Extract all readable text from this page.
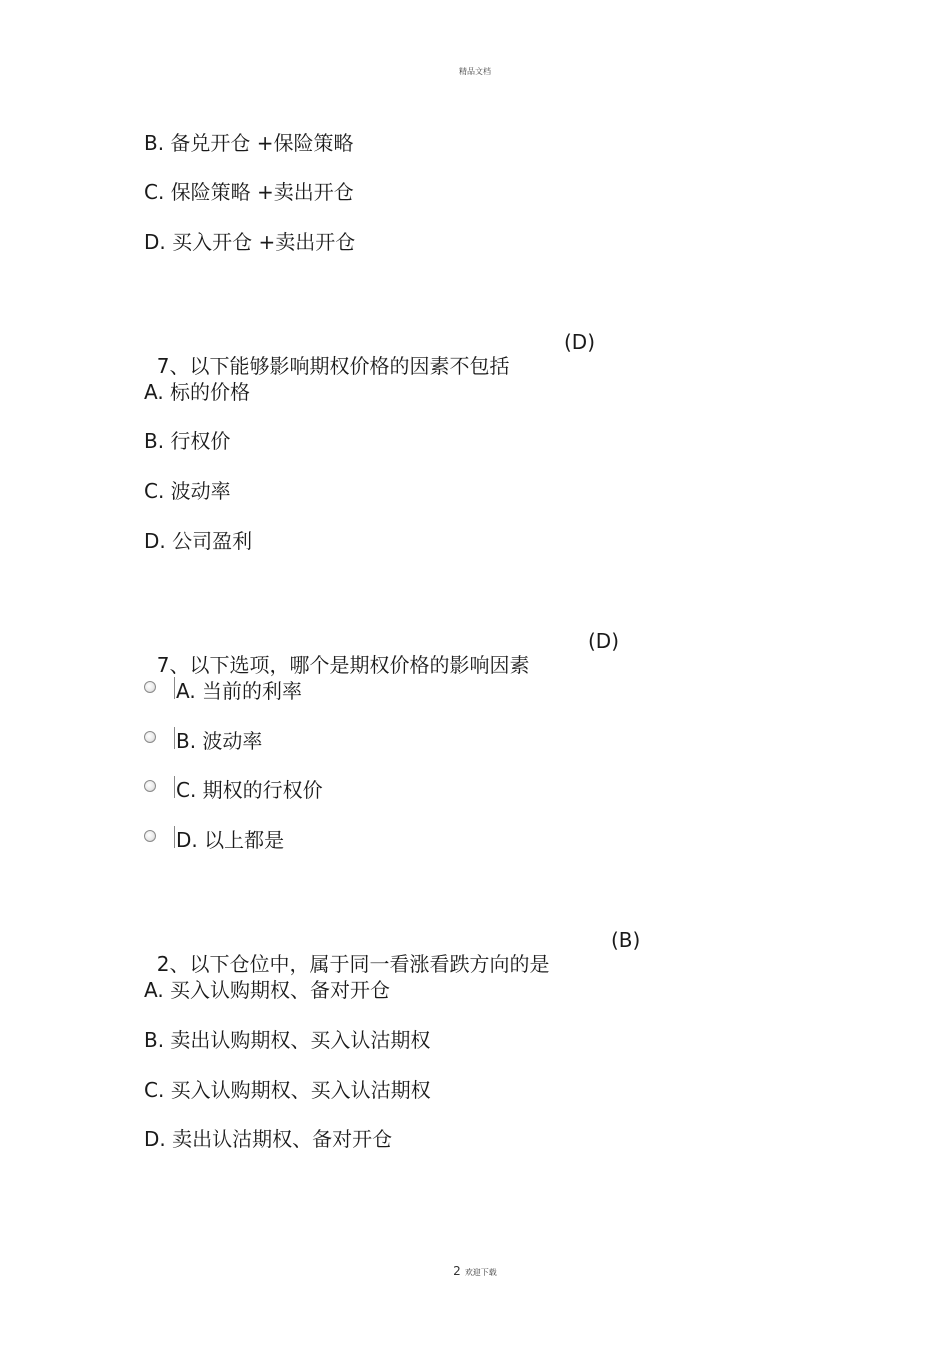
精品文档
B. 备兑开仓 +保险策略
C. 保险策略 +卖出开仓
D. 买入开仓 +卖出开仓

7、以下能够影响期权价格的因素不包括

(D)

A. 标的价格
B. 行权价
C. 波动率
D. 公司盈利

7、以下选项，哪个是期权价格的影响因素

(D)

A. 当前的利率
B. 波动率
C. 期权的行权价
D. 以上都是

2、以下仓位中，属于同一看涨看跌方向的是

(B)

A. 买入认购期权、备对开仓
B. 卖出认购期权、买入认沽期权
C. 买入认购期权、买入认沽期权
D. 卖出认沽期权、备对开仓
2 欢迎下载
